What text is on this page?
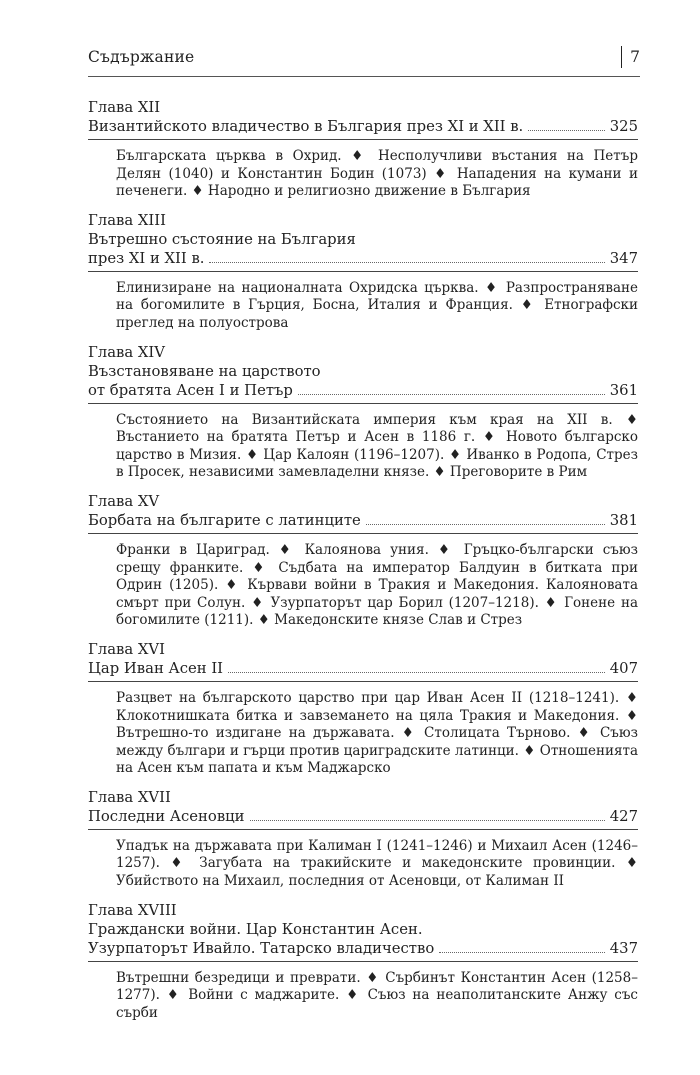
Съдържание	7
Глава XII
Византийското владичество в България през XI и XII в.	325
Българската църква в Охрид. ♦ Несполучливи въстания на Петър Делян (1040) и Константин Бодин (1073) ♦ Нападения на кумани и печенеги. ♦ Народно и религиозно движение в България
Глава XIII
Вътрешно състояние на България
през XI и XII в.	347
Елинизиране на националната Охридска църква. ♦ Разпространяване на богомилите в Гърция, Босна, Италия и Франция. ♦ Етнографски преглед на полуострова
Глава XIV
Възстановяване на царството
от братята Асен I и Петър	361
Състоянието на Византийската империя към края на XII в. ♦ Въстанието на братята Петър и Асен в 1186 г. ♦ Новото българско царство в Мизия. ♦ Цар Калоян (1196–1207). ♦ Иванко в Родопа, Стрез в Просек, независими замевладелни князе. ♦ Преговорите в Рим
Глава XV
Борбата на българите с латинците	381
Франки в Цариград. ♦ Калоянова уния. ♦ Гръцко-български съюз срещу франките. ♦ Съдбата на император Балдуин в битката при Одрин (1205). ♦ Кървави войни в Тракия и Македония. Калояновата смърт при Солун. ♦ Узурпаторът цар Борил (1207–1218). ♦ Гонене на богомилите (1211). ♦ Македонските князе Слав и Стрез
Глава XVI
Цар Иван Асен II	407
Разцвет на българското царство при цар Иван Асен II (1218–1241). ♦ Клокотнишката битка и завземането на цяла Тракия и Македония. ♦ Вътрешно-то издигане на държавата. ♦ Столицата Търново. ♦ Съюз между българи и гърци против цариградските латинци. ♦ Отношенията на Асен към папата и към Маджарско
Глава XVII
Последни Асеновци	427
Упадък на държавата при Калиман I (1241–1246) и Михаил Асен (1246–1257). ♦ Загубата на тракийските и македонските провинции. ♦ Убийството на Михаил, последния от Асеновци, от Калиман II
Глава XVIII
Граждански войни. Цар Константин Асен.
Узурпаторът Ивайло. Татарско владичество	437
Вътрешни безредици и преврати. ♦ Сърбинът Константин Асен (1258–1277). ♦ Войни с маджарите. ♦ Съюз на неаполитанските Анжу със сърби
